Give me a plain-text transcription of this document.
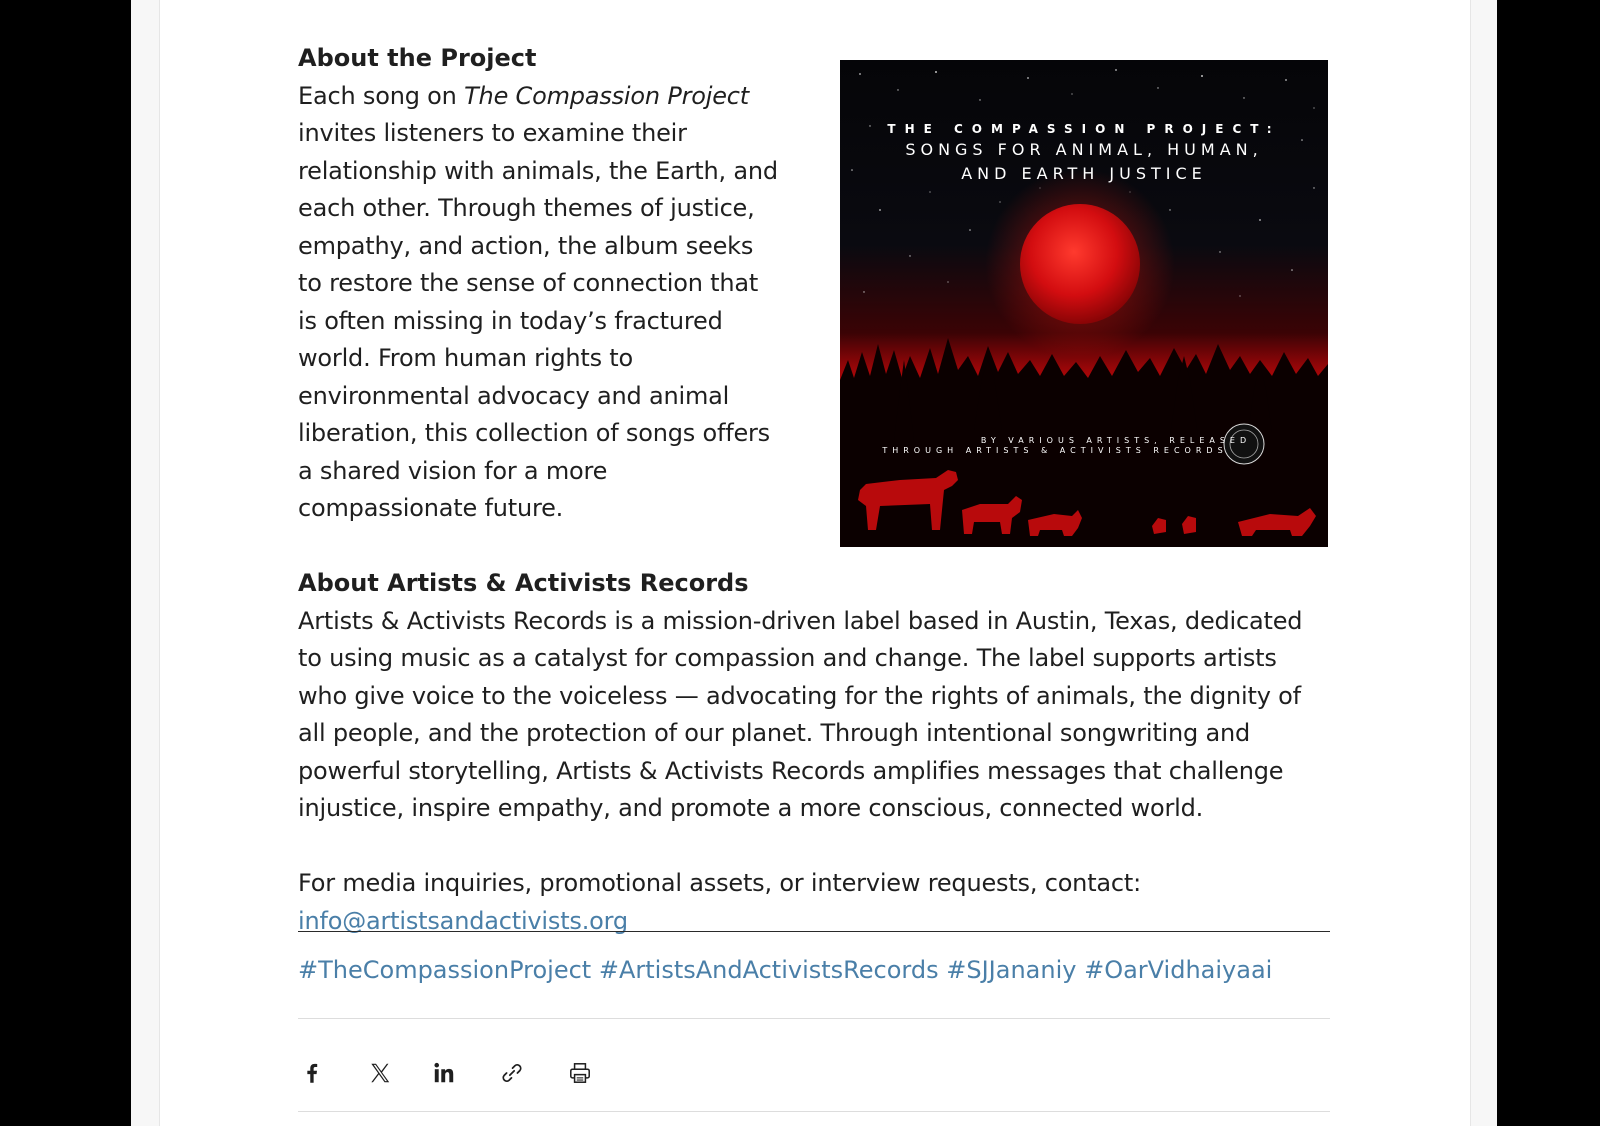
THE COMPASSION PROJECT:
SONGS FOR ANIMAL, HUMAN,
AND EARTH JUSTICE
BY VARIOUS ARTISTS, RELEASED
THROUGH ARTISTS & ACTIVISTS RECORDS
About the Project

Each song on The Compassion Project invites listeners to examine their relationship with animals, the Earth, and each other. Through themes of justice, empathy, and action, the album seeks to restore the sense of connection that is often missing in today’s fractured world. From human rights to environmental advocacy and animal liberation, this collection of songs offers a shared vision for a more compassionate future.

About Artists & Activists Records

Artists & Activists Records is a mission-driven label based in Austin, Texas, dedicated to using music as a catalyst for compassion and change. The label supports artists who give voice to the voiceless — advocating for the rights of animals, the dignity of all people, and the protection of our planet. Through intentional songwriting and powerful storytelling, Artists & Activists Records amplifies messages that challenge injustice, inspire empathy, and promote a more conscious, connected world.

For media inquiries, promotional assets, or interview requests, contact:
info@artistsandactivists.org

#TheCompassionProject #ArtistsAndActivistsRecords #SJJananiy #OarVidhaiyaai
